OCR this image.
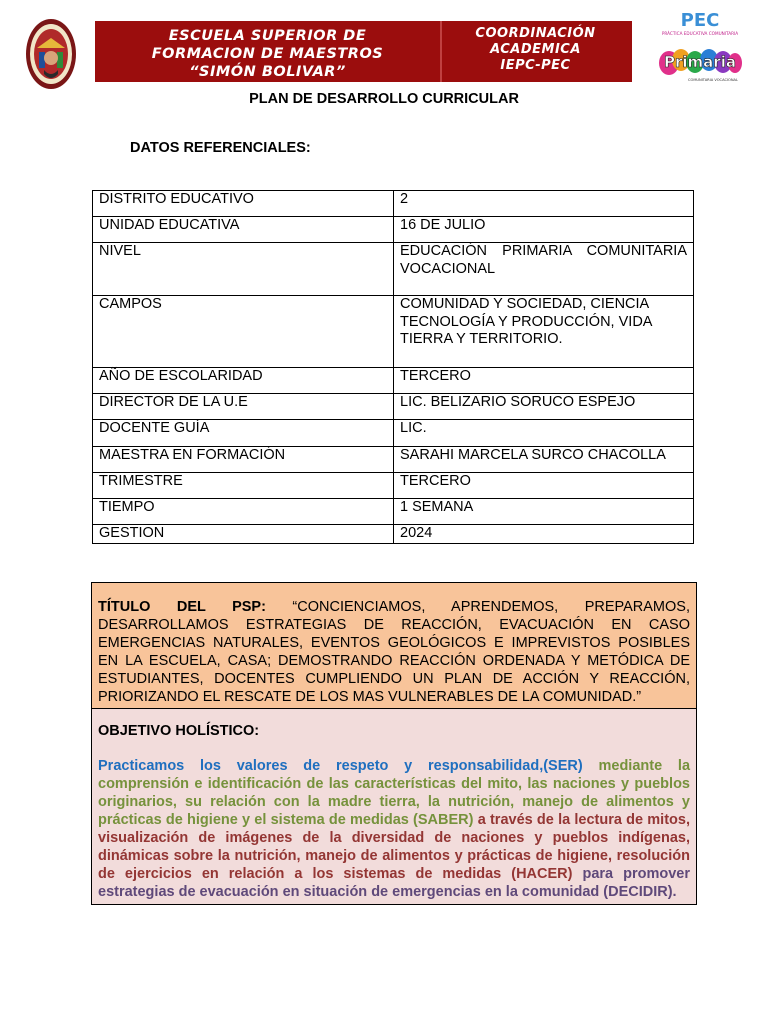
ESCUELA SUPERIOR DE
FORMACION DE MAESTROS
“SIMÓN BOLIVAR”
COORDINACIÓN
ACADEMICA
IEPC-PEC
PEC
PRÁCTICA EDUCATIVA COMUNITARIA
Primaria
COMUNITARIA VOCACIONAL
PLAN DE DESARROLLO CURRICULAR
DATOS REFERENCIALES:
DISTRITO EDUCATIVO	2
UNIDAD EDUCATIVA	16 DE JULIO
NIVEL	EDUCACIÓN PRIMARIA COMUNITARIA VOCACIONAL
CAMPOS	COMUNIDAD Y SOCIEDAD, CIENCIA TECNOLOGÍA Y PRODUCCIÓN, VIDA TIERRA Y TERRITORIO.
AÑO DE ESCOLARIDAD	TERCERO
DIRECTOR DE LA U.E	LIC. BELIZARIO SORUCO ESPEJO
DOCENTE GUÍA	LIC.
MAESTRA EN FORMACIÓN	SARAHI MARCELA SURCO CHACOLLA
TRIMESTRE	TERCERO
TIEMPO	1 SEMANA
GESTION	2024
TÍTULO DEL PSP: “CONCIENCIAMOS, APRENDEMOS, PREPARAMOS, DESARROLLAMOS ESTRATEGIAS DE REACCIÓN, EVACUACIÓN EN CASO EMERGENCIAS NATURALES, EVENTOS GEOLÓGICOS E IMPREVISTOS POSIBLES EN LA ESCUELA, CASA; DEMOSTRANDO REACCIÓN ORDENADA Y METÓDICA DE ESTUDIANTES, DOCENTES CUMPLIENDO UN PLAN DE ACCIÓN Y REACCIÓN, PRIORIZANDO EL RESCATE DE LOS MAS VULNERABLES DE LA COMUNIDAD.”
OBJETIVO HOLÍSTICO:
Practicamos los valores de respeto y responsabilidad,(SER) mediante la comprensión e identificación de las características del mito, las naciones y pueblos originarios, su relación con la madre tierra, la nutrición, manejo de alimentos y prácticas de higiene y el sistema de medidas (SABER) a través de la lectura de mitos, visualización de imágenes de la diversidad de naciones y pueblos indígenas, dinámicas sobre la nutrición, manejo de alimentos y prácticas de higiene, resolución de ejercicios en relación a los sistemas de medidas (HACER) para promover estrategias de evacuación en situación de emergencias en la comunidad (DECIDIR).
